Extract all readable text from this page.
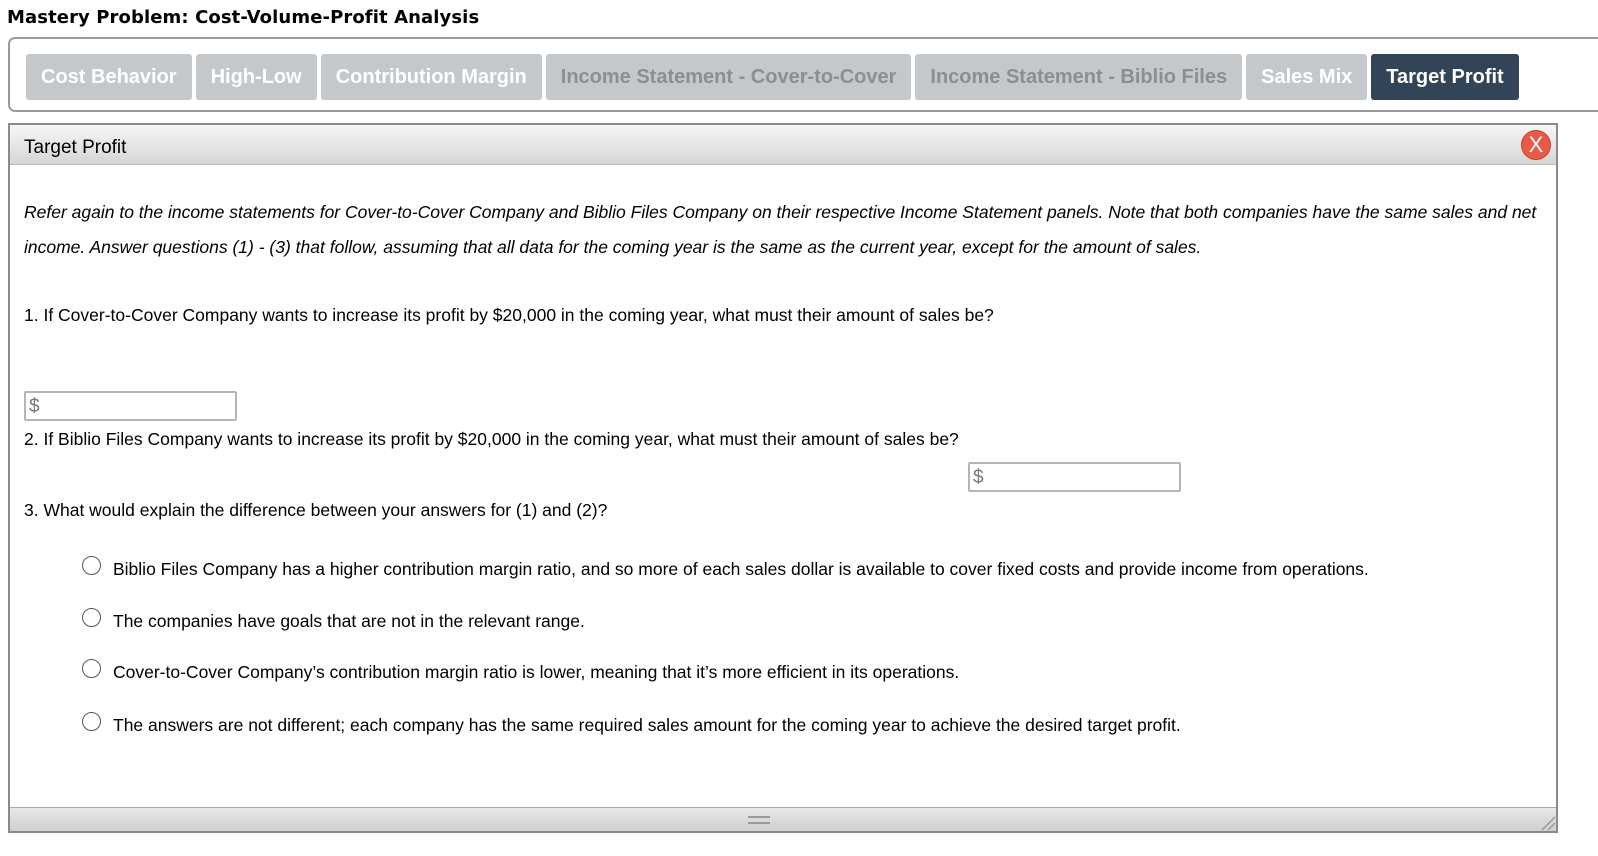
Mastery Problem: Cost-Volume-Profit Analysis
Cost Behavior	High-Low	Contribution Margin	Income Statement - Cover-to-Cover	Income Statement - Biblio Files	Sales Mix	Target Profit
Target Profit	X
Refer again to the income statements for Cover-to-Cover Company and Biblio Files Company on their respective Income Statement panels. Note that both companies have the same sales and net income. Answer questions (1) - (3) that follow, assuming that all data for the coming year is the same as the current year, except for the amount of sales.
1. If Cover-to-Cover Company wants to increase its profit by $20,000 in the coming year, what must their amount of sales be?
$
2. If Biblio Files Company wants to increase its profit by $20,000 in the coming year, what must their amount of sales be?
$
3. What would explain the difference between your answers for (1) and (2)?
Biblio Files Company has a higher contribution margin ratio, and so more of each sales dollar is available to cover fixed costs and provide income from operations.
The companies have goals that are not in the relevant range.
Cover-to-Cover Company’s contribution margin ratio is lower, meaning that it’s more efficient in its operations.
The answers are not different; each company has the same required sales amount for the coming year to achieve the desired target profit.
